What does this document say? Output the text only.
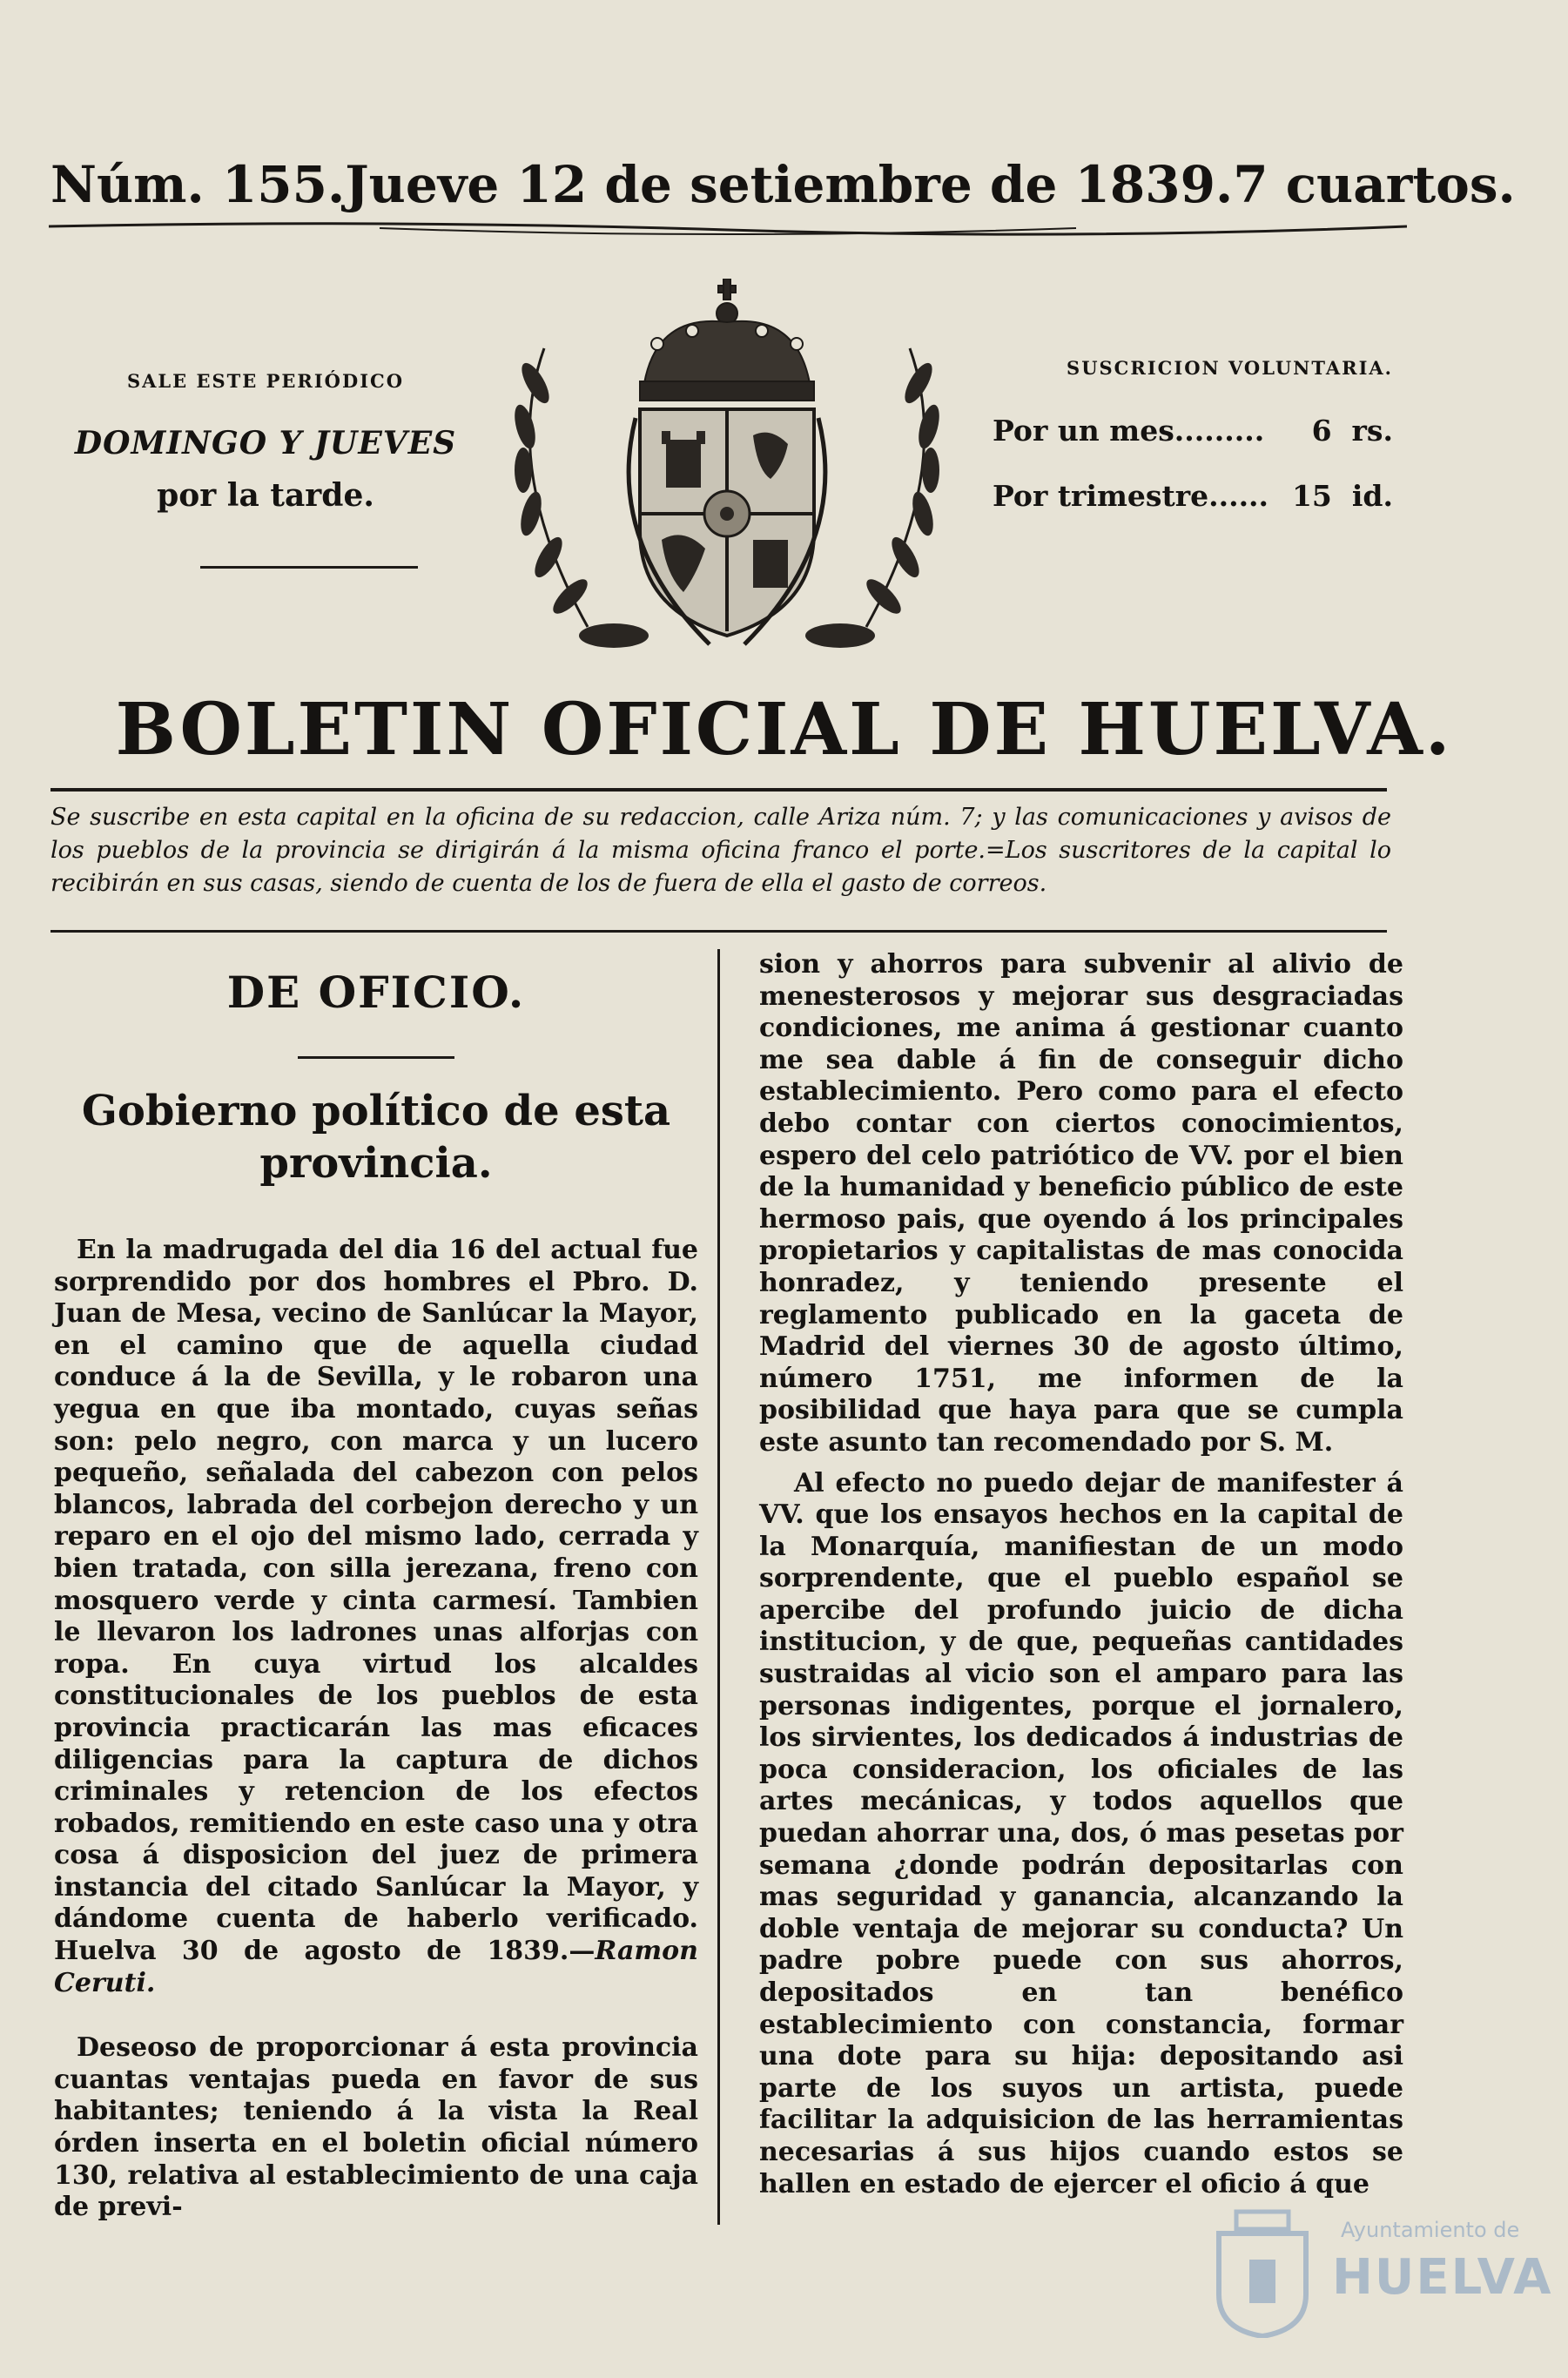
Núm. 155. Jueve 12 de setiembre de 1839. 7 cuartos.
SALE ESTE PERIÓDICO
DOMINGO Y JUEVES
por la tarde.
SUSCRICION VOLUNTARIA.
Por un mes......... 6 rs.
Por trimestre...... 15 id.
BOLETIN OFICIAL DE HUELVA.
Se suscribe en esta capital en la oficina de su redaccion, calle Ariza núm. 7; y las comunicaciones y avisos de los pueblos de la provincia se dirigirán á la misma oficina franco el porte.=Los suscritores de la capital lo recibirán en sus casas, siendo de cuenta de los de fuera de ella el gasto de correos.
DE OFICIO.
Gobierno político de esta provincia.

En la madrugada del dia 16 del actual fue sorprendido por dos hombres el Pbro. D. Juan de Mesa, vecino de Sanlúcar la Mayor, en el camino que de aquella ciudad conduce á la de Sevilla, y le robaron una yegua en que iba montado, cuyas señas son: pelo negro, con marca y un lucero pequeño, señalada del cabezon con pelos blancos, labrada del corbejon derecho y un reparo en el ojo del mismo lado, cerrada y bien tratada, con silla jerezana, freno con mosquero verde y cinta carmesí. Tambien le llevaron los ladrones unas alforjas con ropa. En cuya virtud los alcaldes constitucionales de los pueblos de esta provincia practicarán las mas eficaces diligencias para la captura de dichos criminales y retencion de los efectos robados, remitiendo en este caso una y otra cosa á disposicion del juez de primera instancia del citado Sanlúcar la Mayor, y dándome cuenta de haberlo verificado. Huelva 30 de agosto de 1839.—Ramon Ceruti.

Deseoso de proporcionar á esta provincia cuantas ventajas pueda en favor de sus habitantes; teniendo á la vista la Real órden inserta en el boletin oficial número 130, relativa al establecimiento de una caja de previ-

sion y ahorros para subvenir al alivio de menesterosos y mejorar sus desgraciadas condiciones, me anima á gestionar cuanto me sea dable á fin de conseguir dicho establecimiento. Pero como para el efecto debo contar con ciertos conocimientos, espero del celo patriótico de VV. por el bien de la humanidad y beneficio público de este hermoso pais, que oyendo á los principales propietarios y capitalistas de mas conocida honradez, y teniendo presente el reglamento publicado en la gaceta de Madrid del viernes 30 de agosto último, número 1751, me informen de la posibilidad que haya para que se cumpla este asunto tan recomendado por S. M.

Al efecto no puedo dejar de manifester á VV. que los ensayos hechos en la capital de la Monarquía, manifiestan de un modo sorprendente, que el pueblo español se apercibe del profundo juicio de dicha institucion, y de que, pequeñas cantidades sustraidas al vicio son el amparo para las personas indigentes, porque el jornalero, los sirvientes, los dedicados á industrias de poca consideracion, los oficiales de las artes mecánicas, y todos aquellos que puedan ahorrar una, dos, ó mas pesetas por semana ¿donde podrán depositarlas con mas seguridad y ganancia, alcanzando la doble ventaja de mejorar su conducta? Un padre pobre puede con sus ahorros, depositados en tan benéfico establecimiento con constancia, formar una dote para su hija: depositando asi parte de los suyos un artista, puede facilitar la adquisicion de las herramientas necesarias á sus hijos cuando estos se hallen en estado de ejercer el oficio á que

Ayuntamiento de
HUELVA
